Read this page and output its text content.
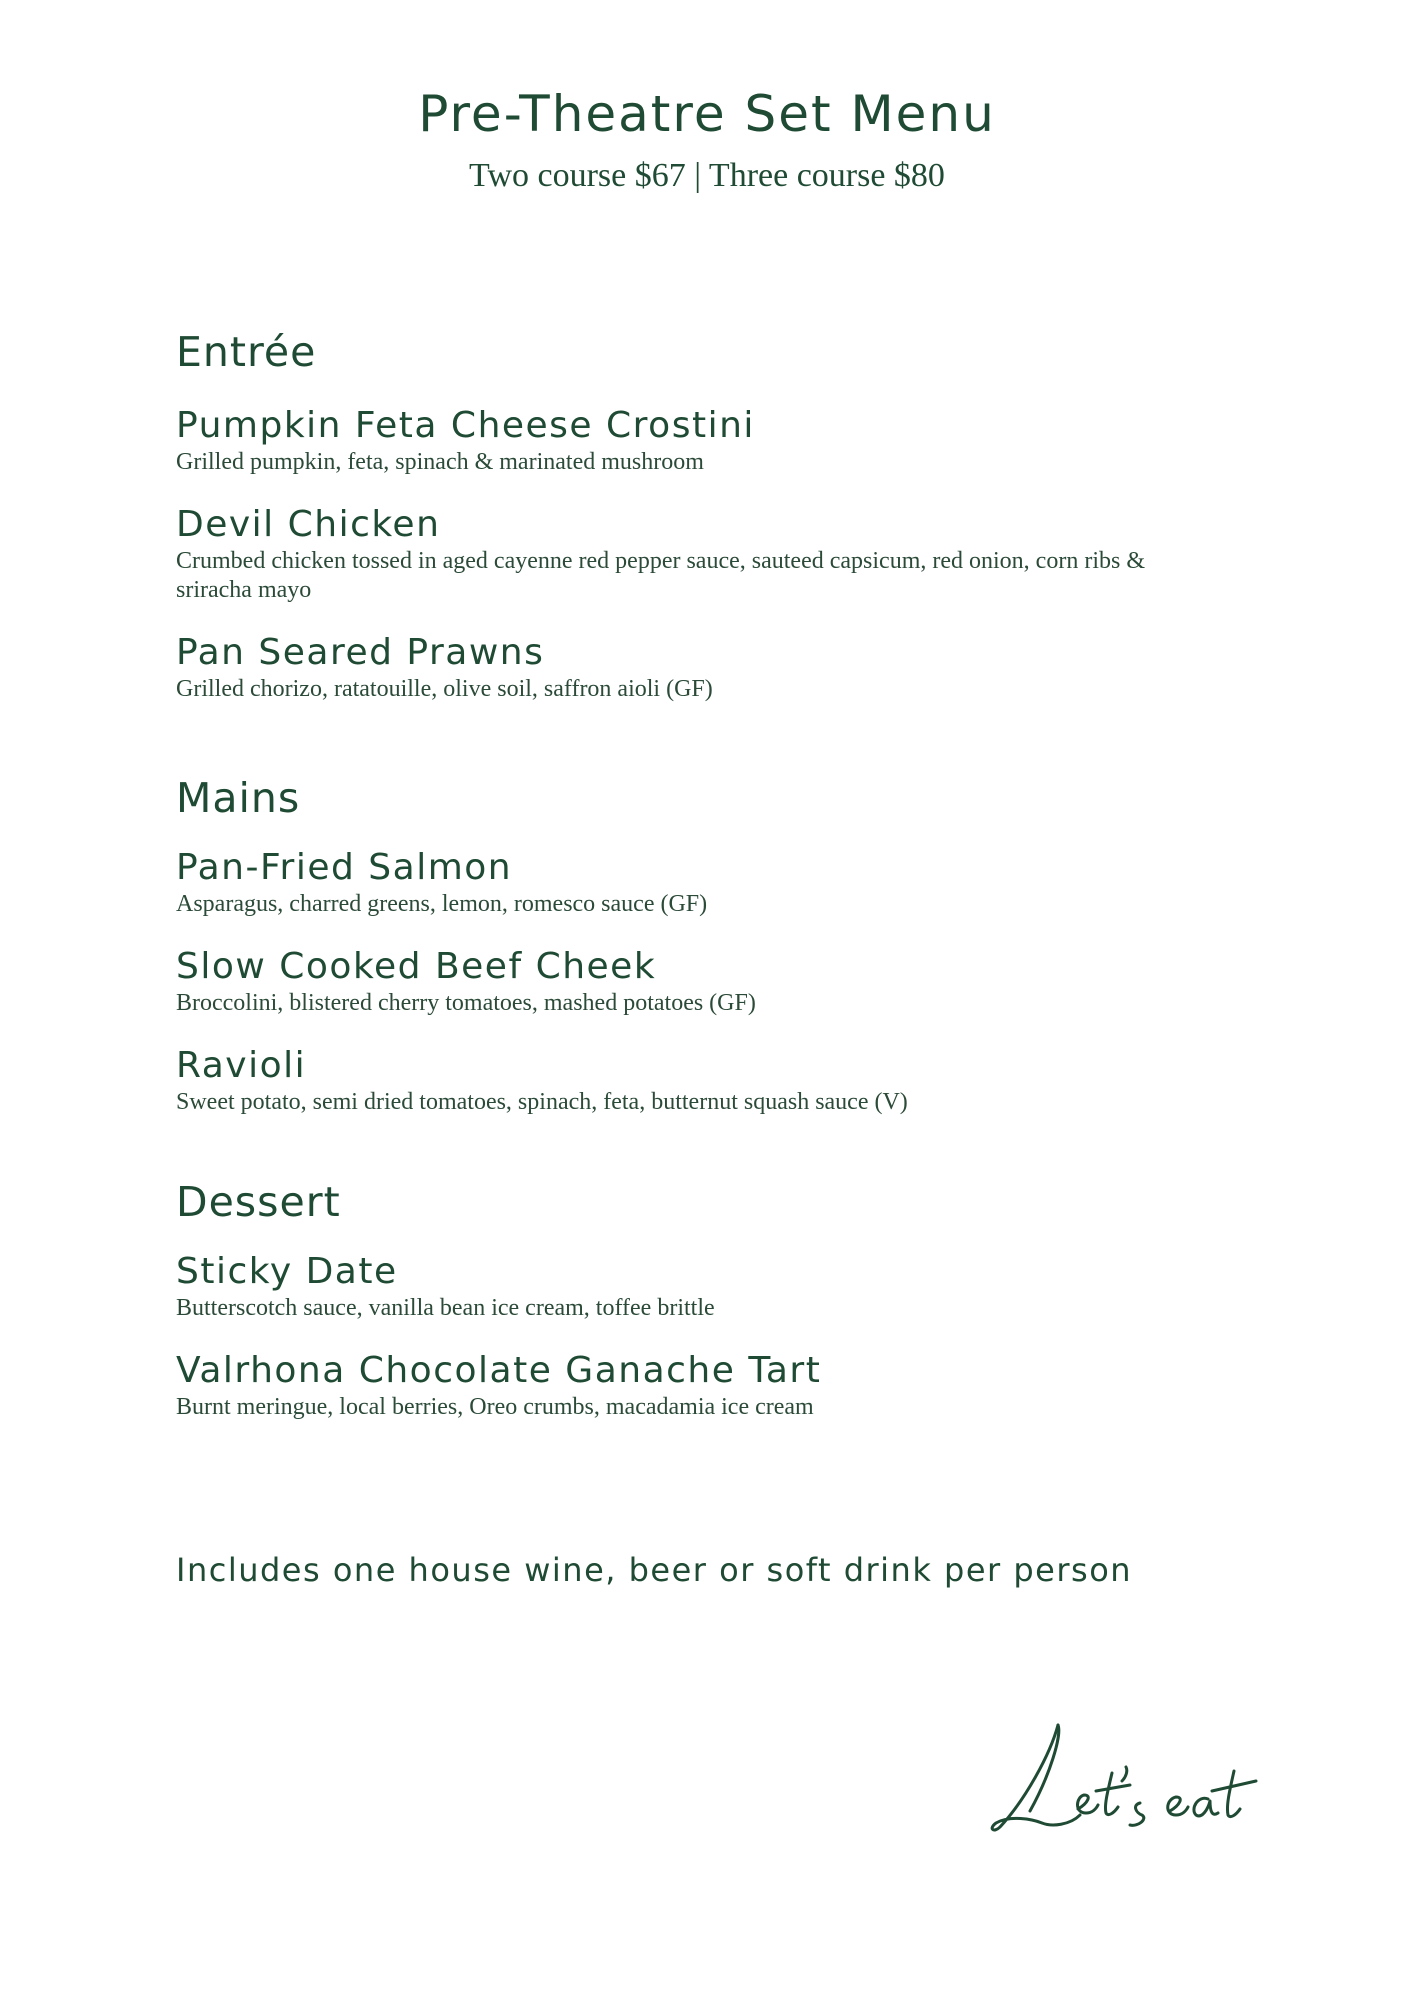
Pre-Theatre Set Menu
Two course $67 | Three course $80
Entrée
Pumpkin Feta Cheese Crostini
Grilled pumpkin, feta, spinach & marinated mushroom
Devil Chicken
Crumbed chicken tossed in aged cayenne red pepper sauce, sauteed capsicum, red onion, corn ribs & sriracha mayo
Pan Seared Prawns
Grilled chorizo, ratatouille, olive soil, saffron aioli (GF)
Mains
Pan-Fried Salmon
Asparagus, charred greens, lemon, romesco sauce (GF)
Slow Cooked Beef Cheek
Broccolini, blistered cherry tomatoes, mashed potatoes (GF)
Ravioli
Sweet potato, semi dried tomatoes, spinach, feta, butternut squash sauce (V)
Dessert
Sticky Date
Butterscotch sauce, vanilla bean ice cream, toffee brittle
Valrhona Chocolate Ganache Tart
Burnt meringue, local berries, Oreo crumbs, macadamia ice cream
Includes one house wine, beer or soft drink per person
